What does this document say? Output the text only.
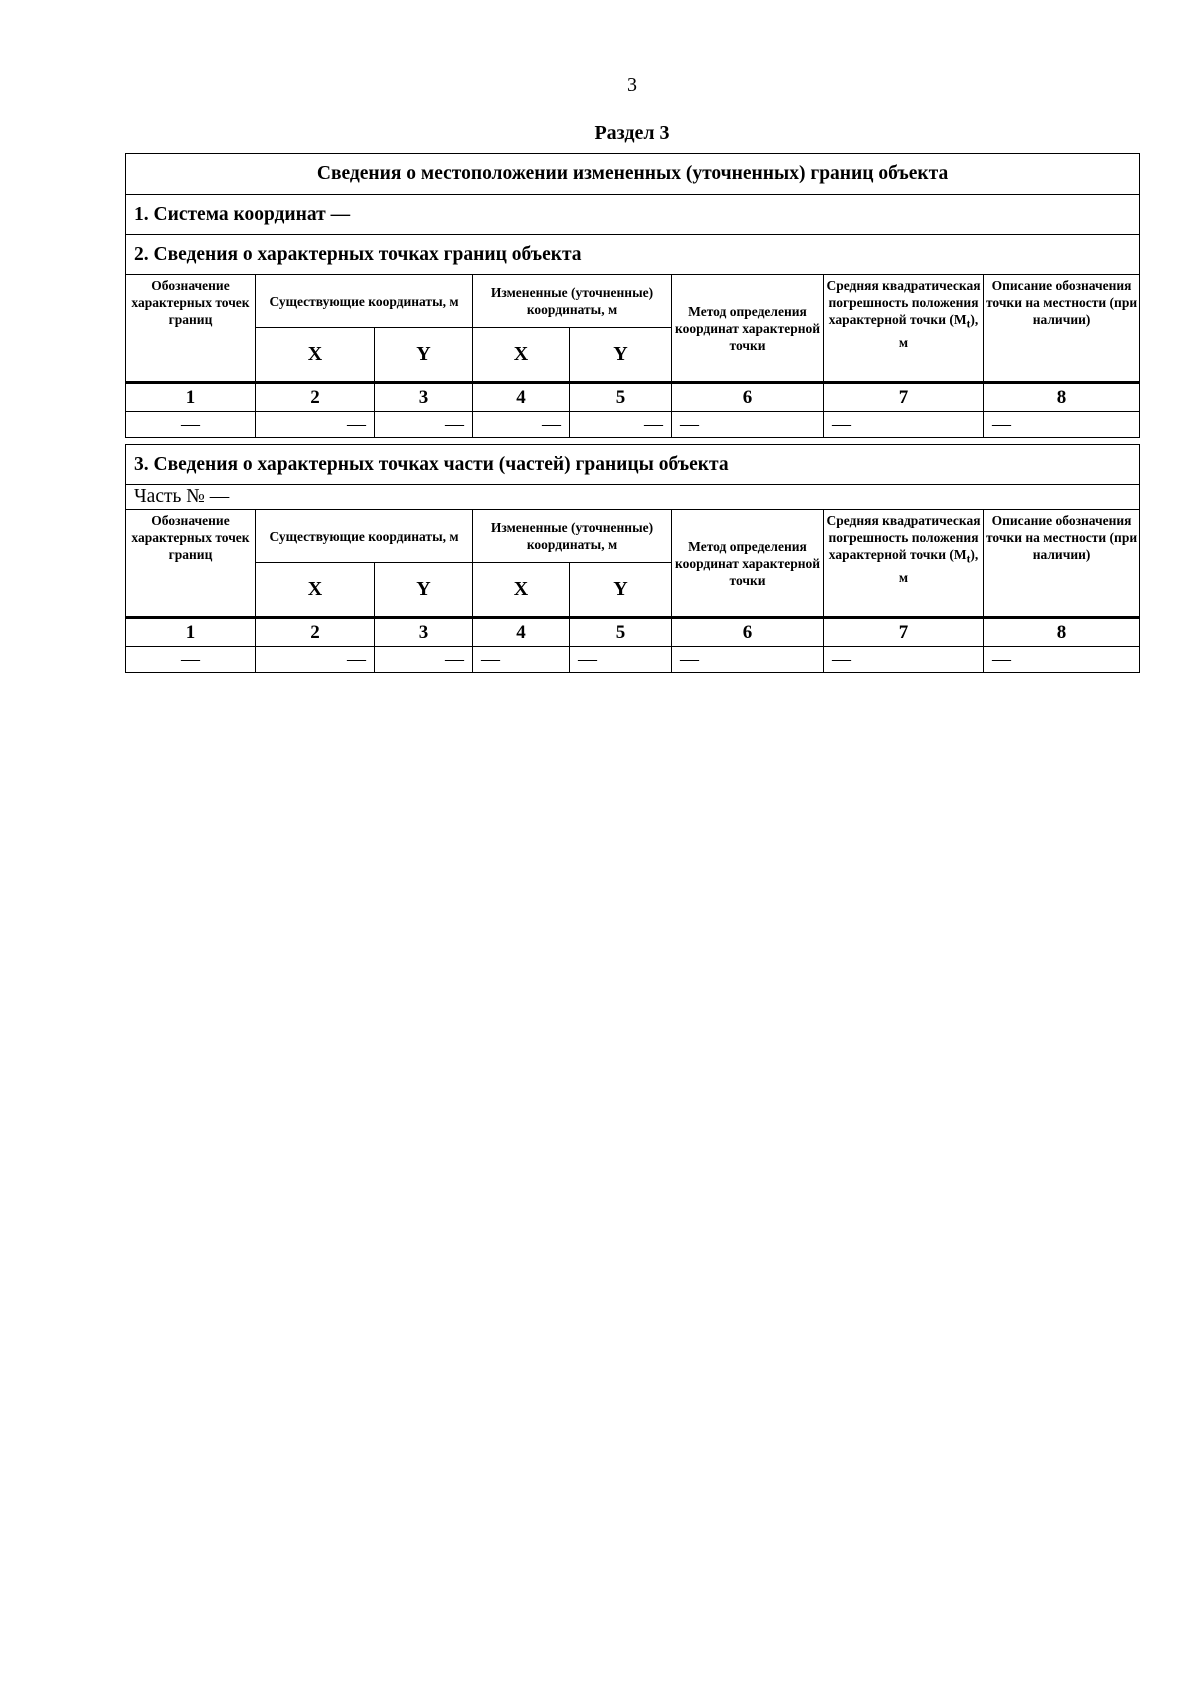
3
Раздел 3
Сведения о местоположении измененных (уточненных) границ объекта							
1. Система координат —							
2. Сведения о характерных точках границ объекта							
Обозначение характерных точек границ	Существующие координаты, м		Измененные (уточненные) координаты, м		Метод определения координат характерной точки	Средняя квадратическая погрешность положения характерной точки $(M_t)$, м	Описание обозначения точки на местности (при наличии)
	X	Y	X	Y			
1	2	3	4	5	6	7	8
—	—	—	—	—	—	—	—
3. Сведения о характерных точках части (частей) границы объекта							
Часть № —							
Обозначение характерных точек границ	Существующие координаты, м		Измененные (уточненные) координаты, м		Метод определения координат характерной точки	Средняя квадратическая погрешность положения характерной точки $(M_t)$, м	Описание обозначения точки на местности (при наличии)
	X	Y	X	Y			
1	2	3	4	5	6	7	8
—	—	—	—	—	—	—	—
